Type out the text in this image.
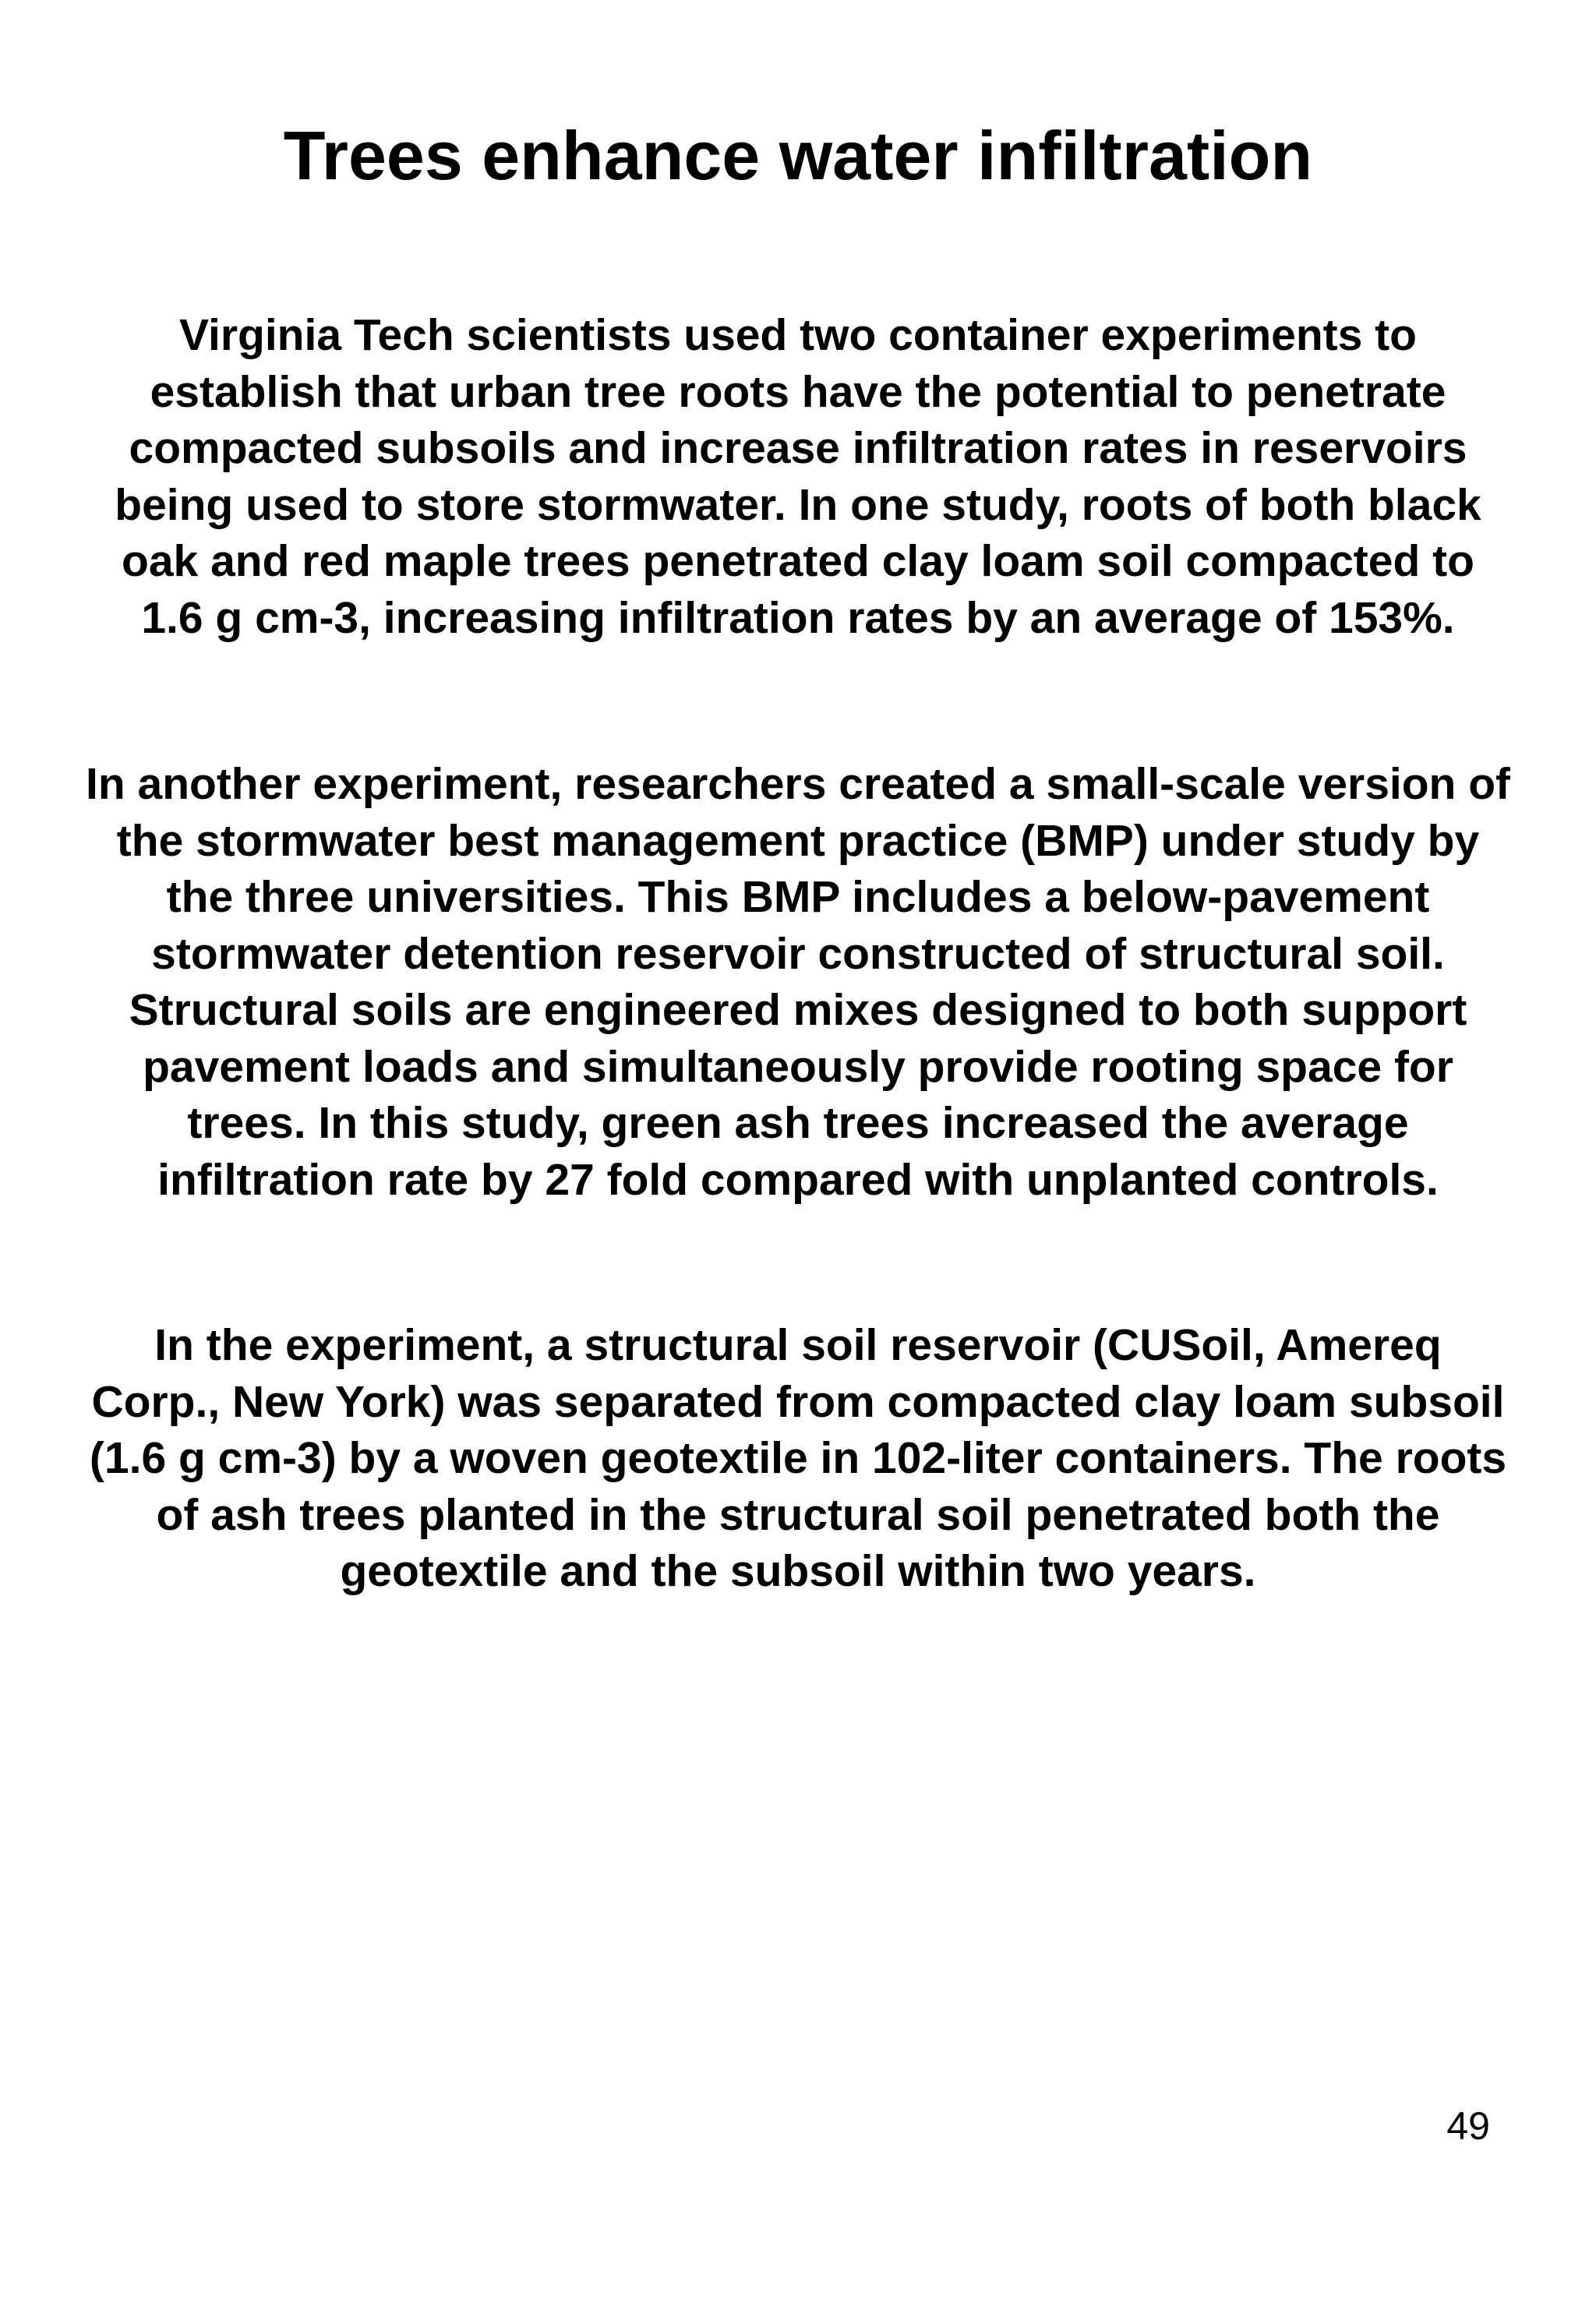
Trees enhance water infiltration

Virginia Tech scientists used two container experiments to establish that urban tree roots have the potential to penetrate compacted subsoils and increase infiltration rates in reservoirs being used to store stormwater. In one study, roots of both black oak and red maple trees penetrated clay loam soil compacted to 1.6 g cm-3, increasing infiltration rates by an average of 153%.

In another experiment, researchers created a small-scale version of the stormwater best management practice (BMP) under study by the three universities. This BMP includes a below-pavement stormwater detention reservoir constructed of structural soil. Structural soils are engineered mixes designed to both support pavement loads and simultaneously provide rooting space for trees. In this study, green ash trees increased the average infiltration rate by 27 fold compared with unplanted controls.

In the experiment, a structural soil reservoir (CUSoil, Amereq Corp., New York) was separated from compacted clay loam subsoil (1.6 g cm-3) by a woven geotextile in 102-liter containers. The roots of ash trees planted in the structural soil penetrated both the geotextile and the subsoil within two years.

49
